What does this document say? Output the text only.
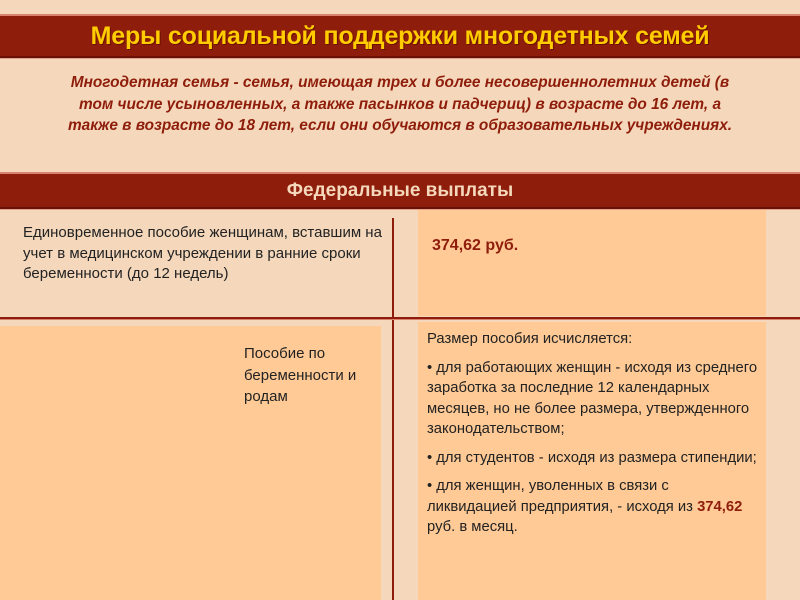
Меры социальной поддержки многодетных семей
Многодетная семья - семья, имеющая трех и более несовершеннолетних детей (в том числе усыновленных, а также пасынков и падчериц) в возрасте до 16 лет, а также в возрасте до 18 лет, если они обучаются в образовательных учреждениях.
Федеральные выплаты
Единовременное пособие женщинам, вставшим на учет в медицинском учреждении в ранние сроки беременности (до 12 недель)
374,62 руб.
Пособие по беременности и родам

Размер пособия исчисляется:

• для работающих женщин - исходя из среднего заработка за последние 12 календарных месяцев, но не более размера, утвержденного законодательством;

• для студентов - исходя из размера стипендии;

• для женщин, уволенных в связи с ликвидацией предприятия, - исходя из 374,62 руб. в месяц.
